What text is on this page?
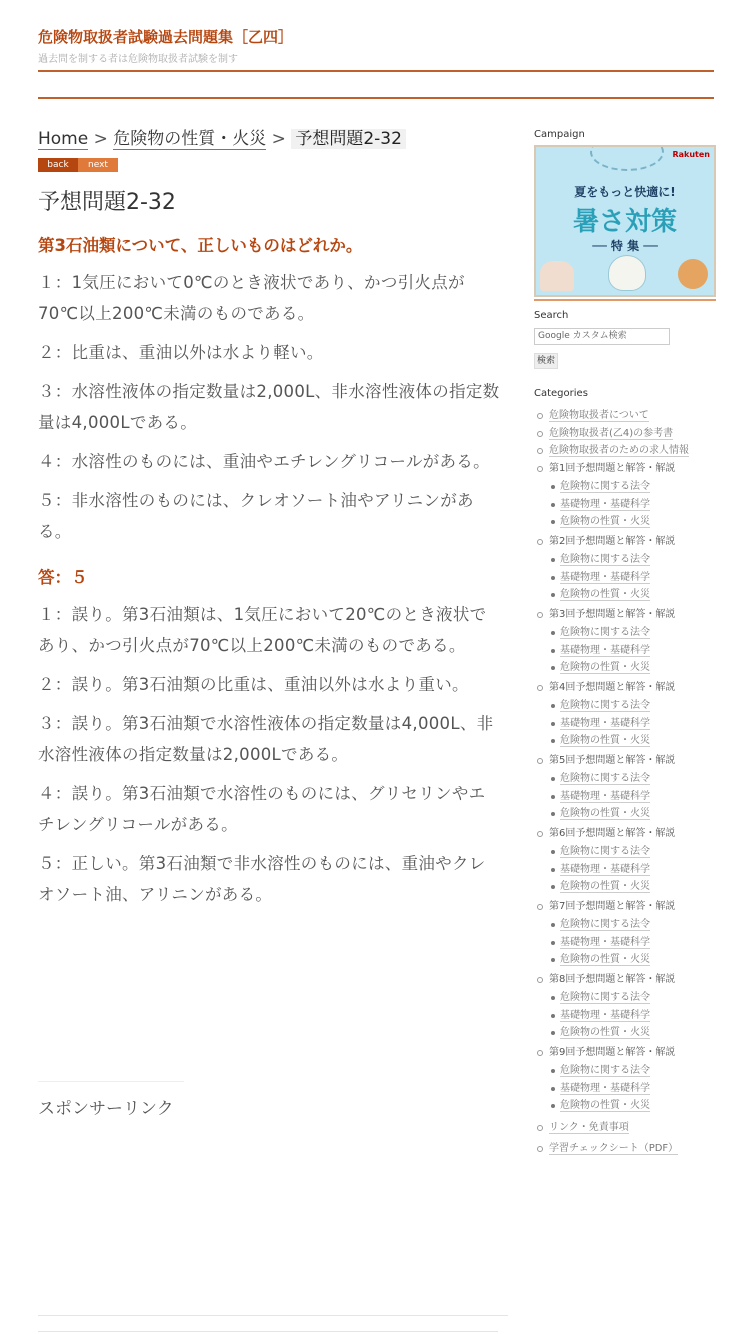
危険物取扱者試験過去問題集［乙四］
過去問を制する者は危険物取扱者試験を制す
Home > 危険物の性質・火災 > 予想問題2-32
back	next
予想問題2-32
第3石油類について、正しいものはどれか。
１：1気圧において0℃のとき液状であり、かつ引火点が70℃以上200℃未満のものである。
２：比重は、重油以外は水より軽い。
３：水溶性液体の指定数量は2,000L、非水溶性液体の指定数量は4,000Lである。
４：水溶性のものには、重油やエチレングリコールがある。
５：非水溶性のものには、クレオソート油やアリニンがある。
答：５
１：誤り。第3石油類は、1気圧において20℃のとき液状であり、かつ引火点が70℃以上200℃未満のものである。
２：誤り。第3石油類の比重は、重油以外は水より重い。
３：誤り。第3石油類で水溶性液体の指定数量は4,000L、非水溶性液体の指定数量は2,000Lである。
４：誤り。第3石油類で水溶性のものには、グリセリンやエチレングリコールがある。
５：正しい。第3石油類で非水溶性のものには、重油やクレオソート油、アリニンがある。
スポンサーリンク
Campaign
Rakuten
夏をもっと快適に!
暑さ対策
── 特 集 ──
Search
Google カスタム検索
検索
Categories
危険物取扱者について
危険物取扱者(乙4)の参考書
危険物取扱者のための求人情報
第1回予想問題と解答・解説
危険物に関する法令
基礎物理・基礎科学
危険物の性質・火災
第2回予想問題と解答・解説
危険物に関する法令
基礎物理・基礎科学
危険物の性質・火災
第3回予想問題と解答・解説
危険物に関する法令
基礎物理・基礎科学
危険物の性質・火災
第4回予想問題と解答・解説
危険物に関する法令
基礎物理・基礎科学
危険物の性質・火災
第5回予想問題と解答・解説
危険物に関する法令
基礎物理・基礎科学
危険物の性質・火災
第6回予想問題と解答・解説
危険物に関する法令
基礎物理・基礎科学
危険物の性質・火災
第7回予想問題と解答・解説
危険物に関する法令
基礎物理・基礎科学
危険物の性質・火災
第8回予想問題と解答・解説
危険物に関する法令
基礎物理・基礎科学
危険物の性質・火災
第9回予想問題と解答・解説
危険物に関する法令
基礎物理・基礎科学
危険物の性質・火災
リンク・免責事項
学習チェックシート（PDF）
